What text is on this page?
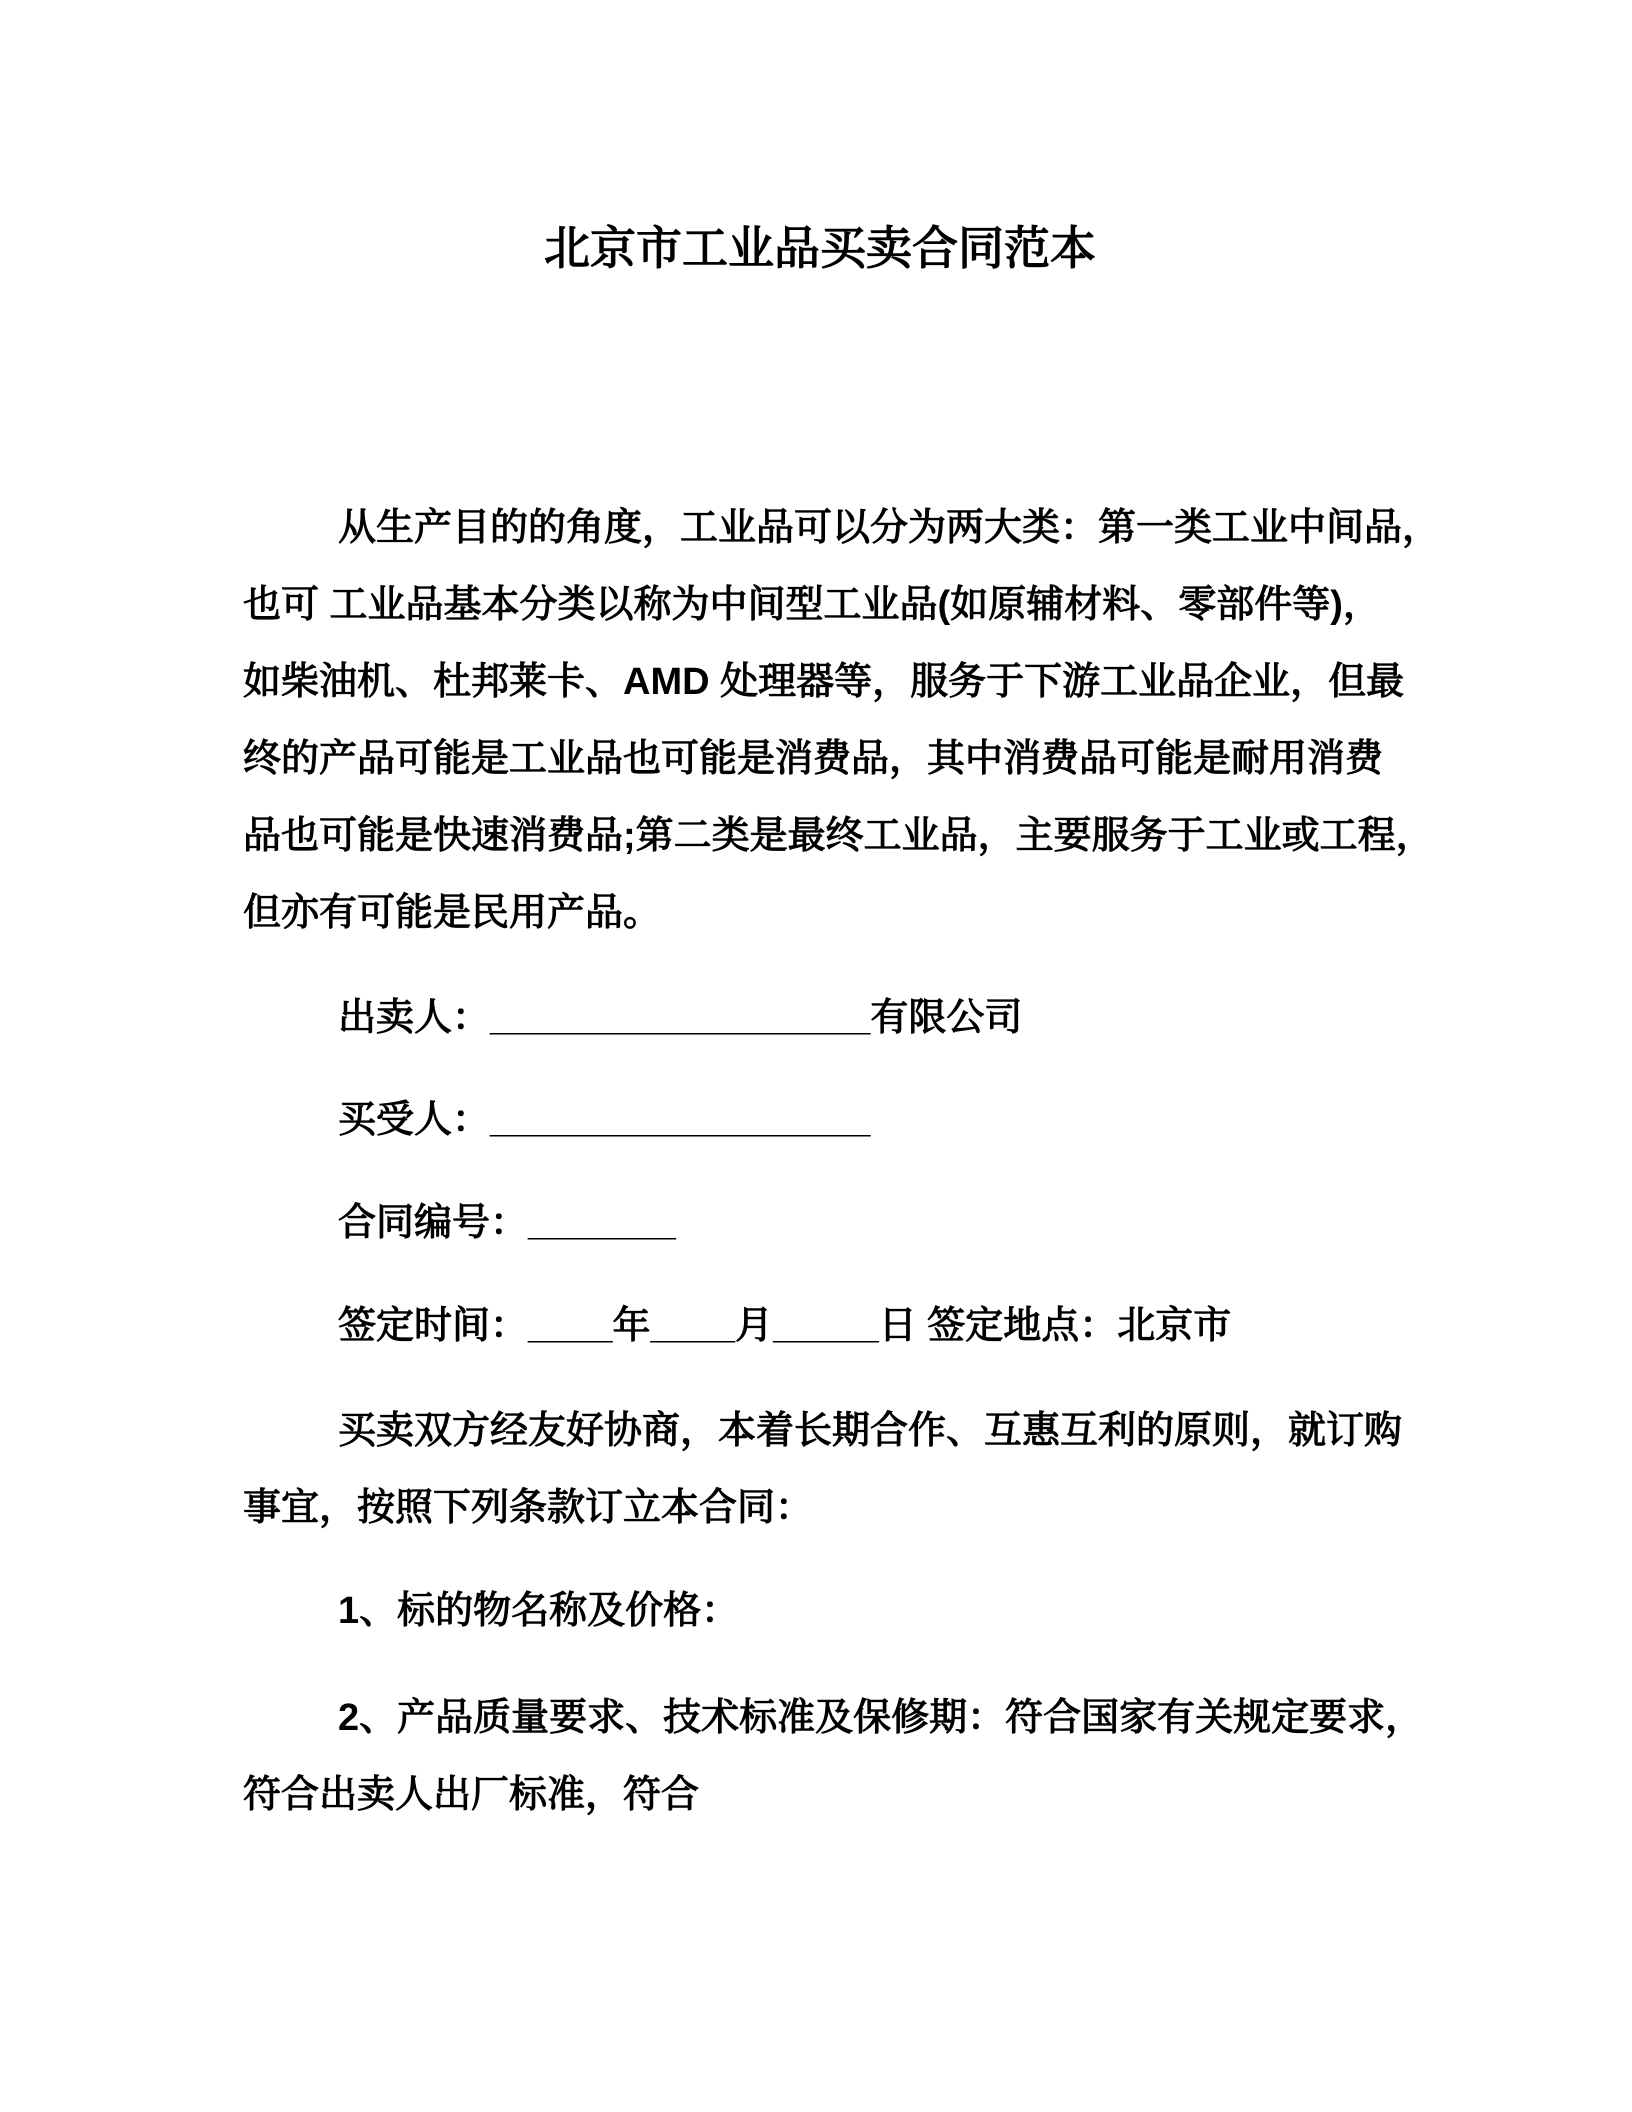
北京市工业品买卖合同范本
从生产目的的角度，工业品可以分为两大类：第一类工业中间品，
也可 工业品基本分类以称为中间型工业品(如原辅材料、零部件等)，
如柴油机、杜邦莱卡、AMD 处理器等，服务于下游工业品企业，但最
终的产品可能是工业品也可能是消费品，其中消费品可能是耐用消费
品也可能是快速消费品;第二类是最终工业品，主要服务于工业或工程，
但亦有可能是民用产品。
出卖人：__________________有限公司
买受人：__________________
合同编号：_______
签定时间：____年____月_____日 签定地点：北京市
买卖双方经友好协商，本着长期合作、互惠互利的原则，就订购
事宜，按照下列条款订立本合同：
1、标的物名称及价格：
2、产品质量要求、技术标准及保修期：符合国家有关规定要求，
符合出卖人出厂标准，符合
